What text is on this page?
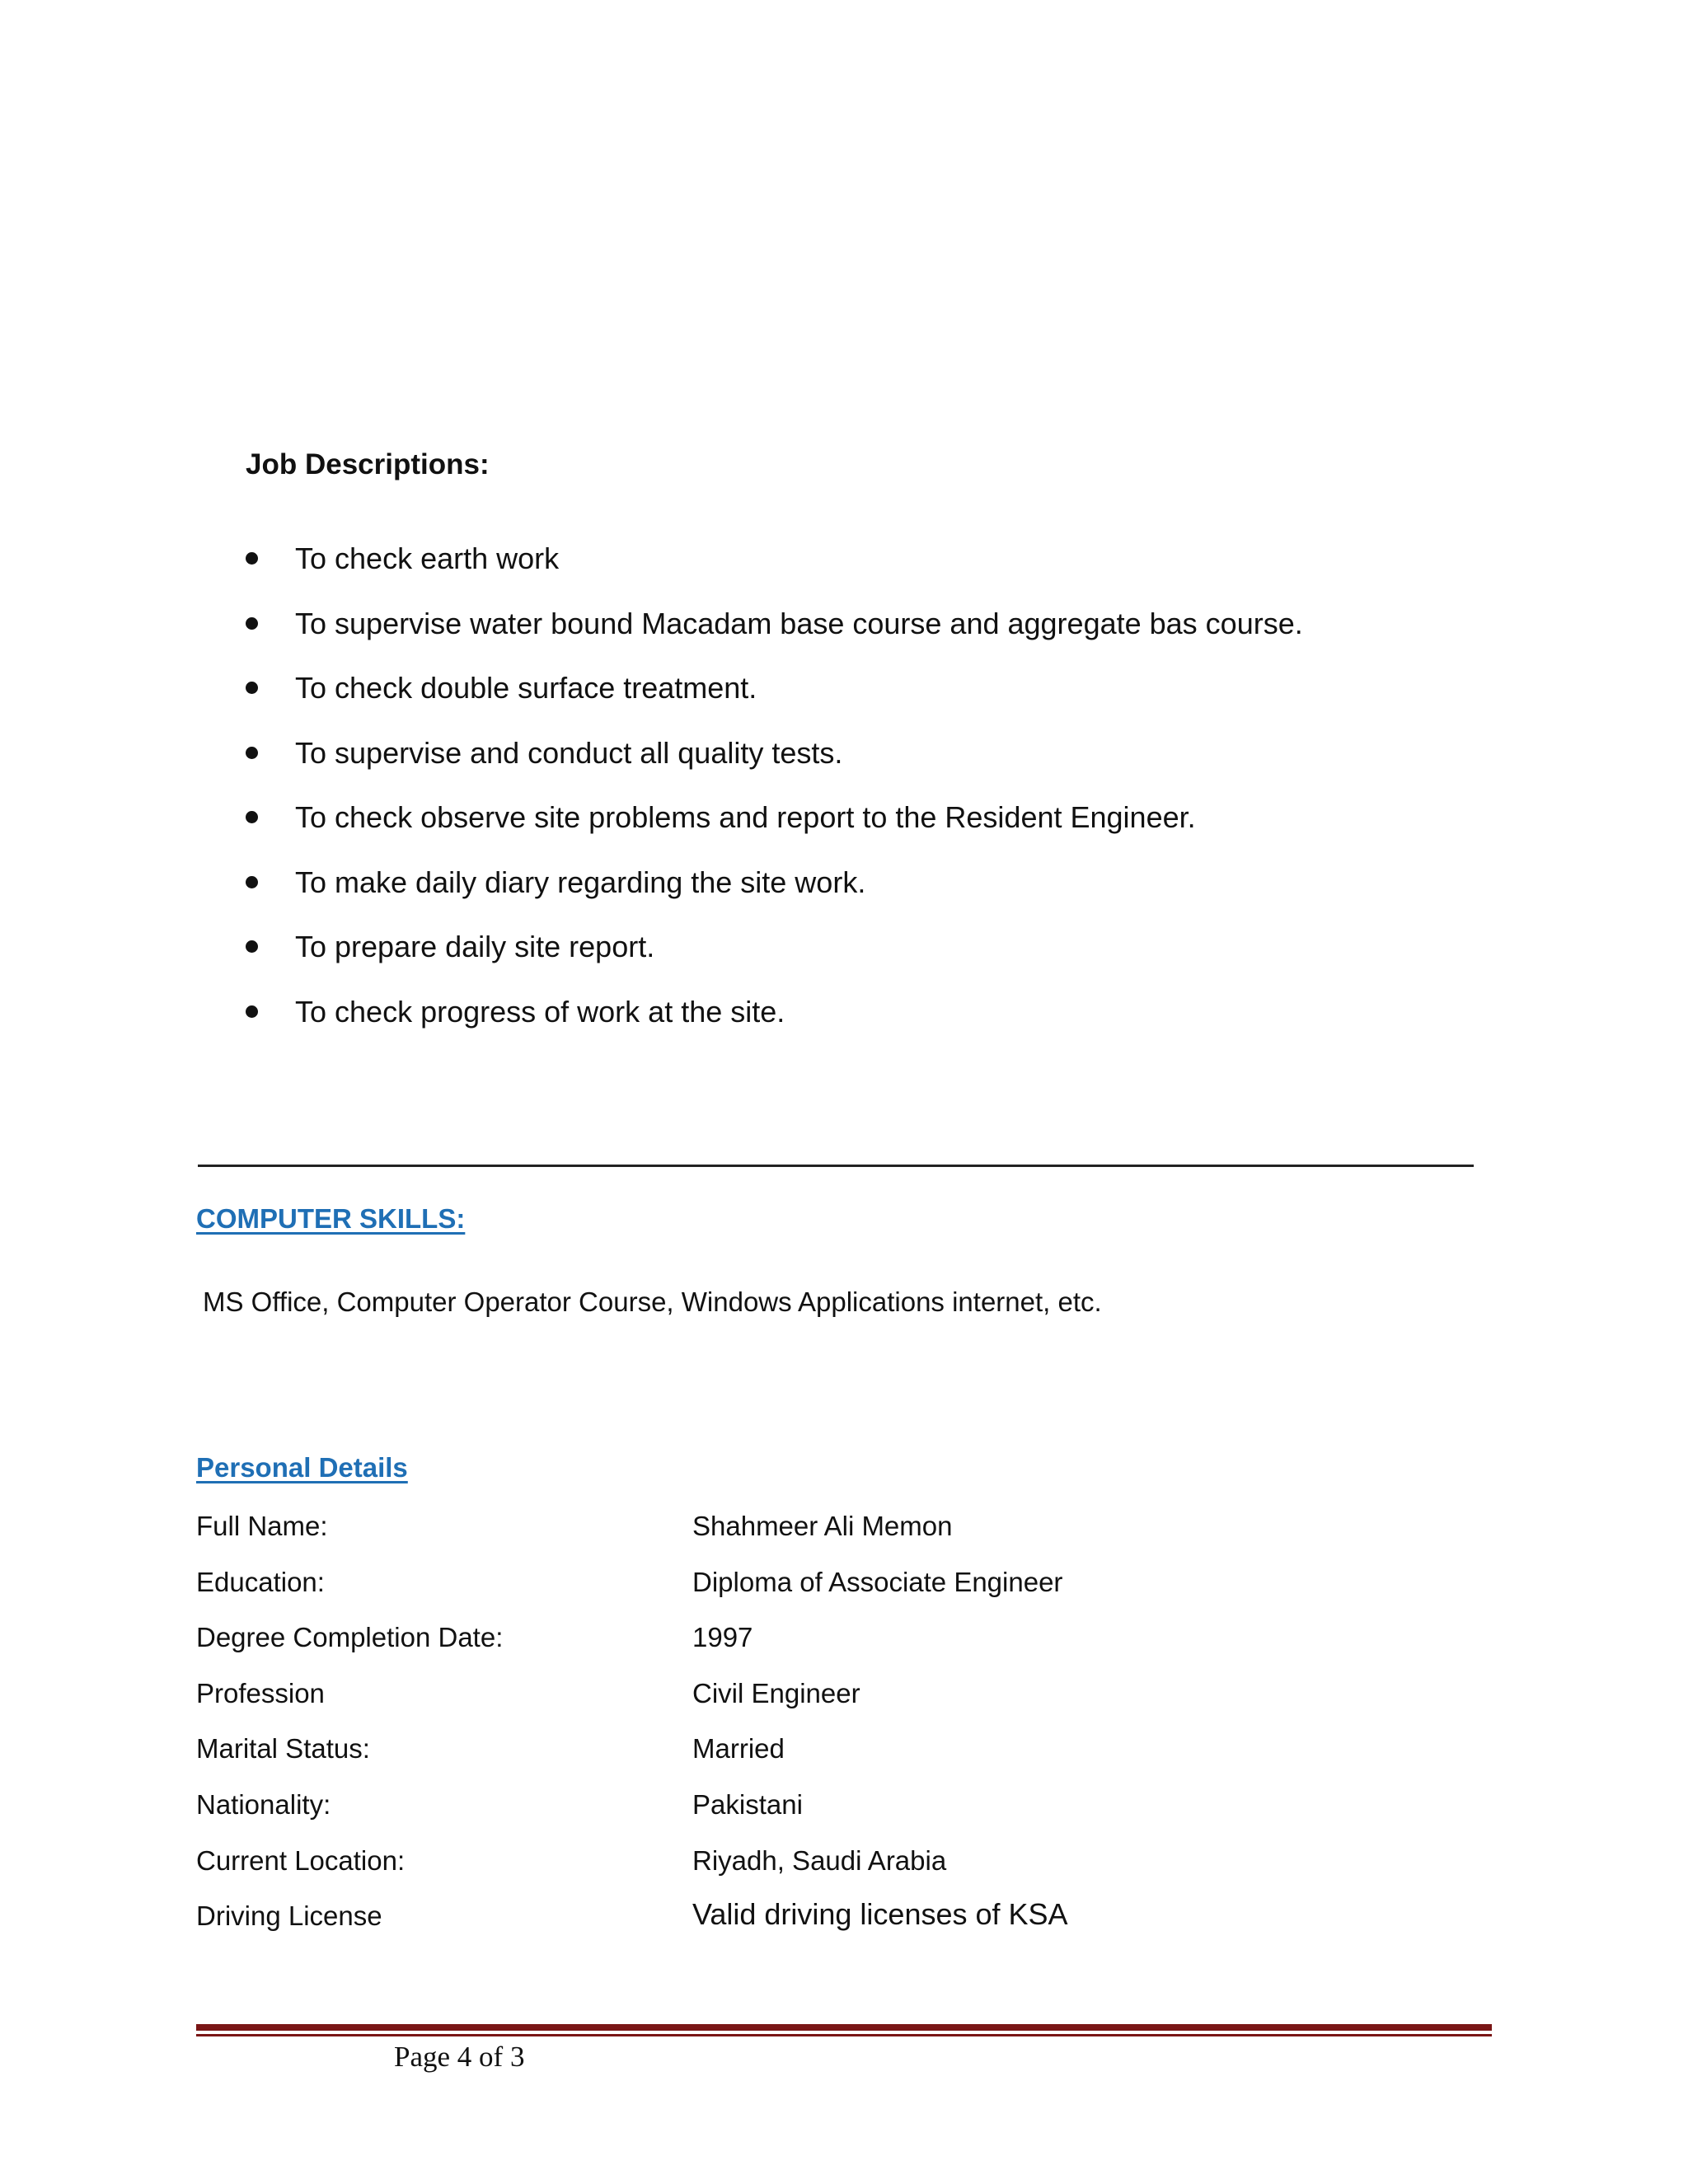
Job Descriptions:
To check earth work
To supervise water bound Macadam base course and aggregate bas course.
To check double surface treatment.
To supervise and conduct all quality tests.
To check observe site problems and report to the Resident Engineer.
To make daily diary regarding the site work.
To prepare daily site report.
To check progress of work at the site.
COMPUTER SKILLS:
MS Office, Computer Operator Course, Windows Applications internet, etc.
Personal Details
Full Name:	Shahmeer Ali Memon
Education:	Diploma of Associate Engineer
Degree Completion Date:	1997
Profession	Civil Engineer
Marital Status:	Married
Nationality:	Pakistani
Current Location:	Riyadh, Saudi Arabia
Driving License	Valid driving licenses of KSA
Page 4 of 3
